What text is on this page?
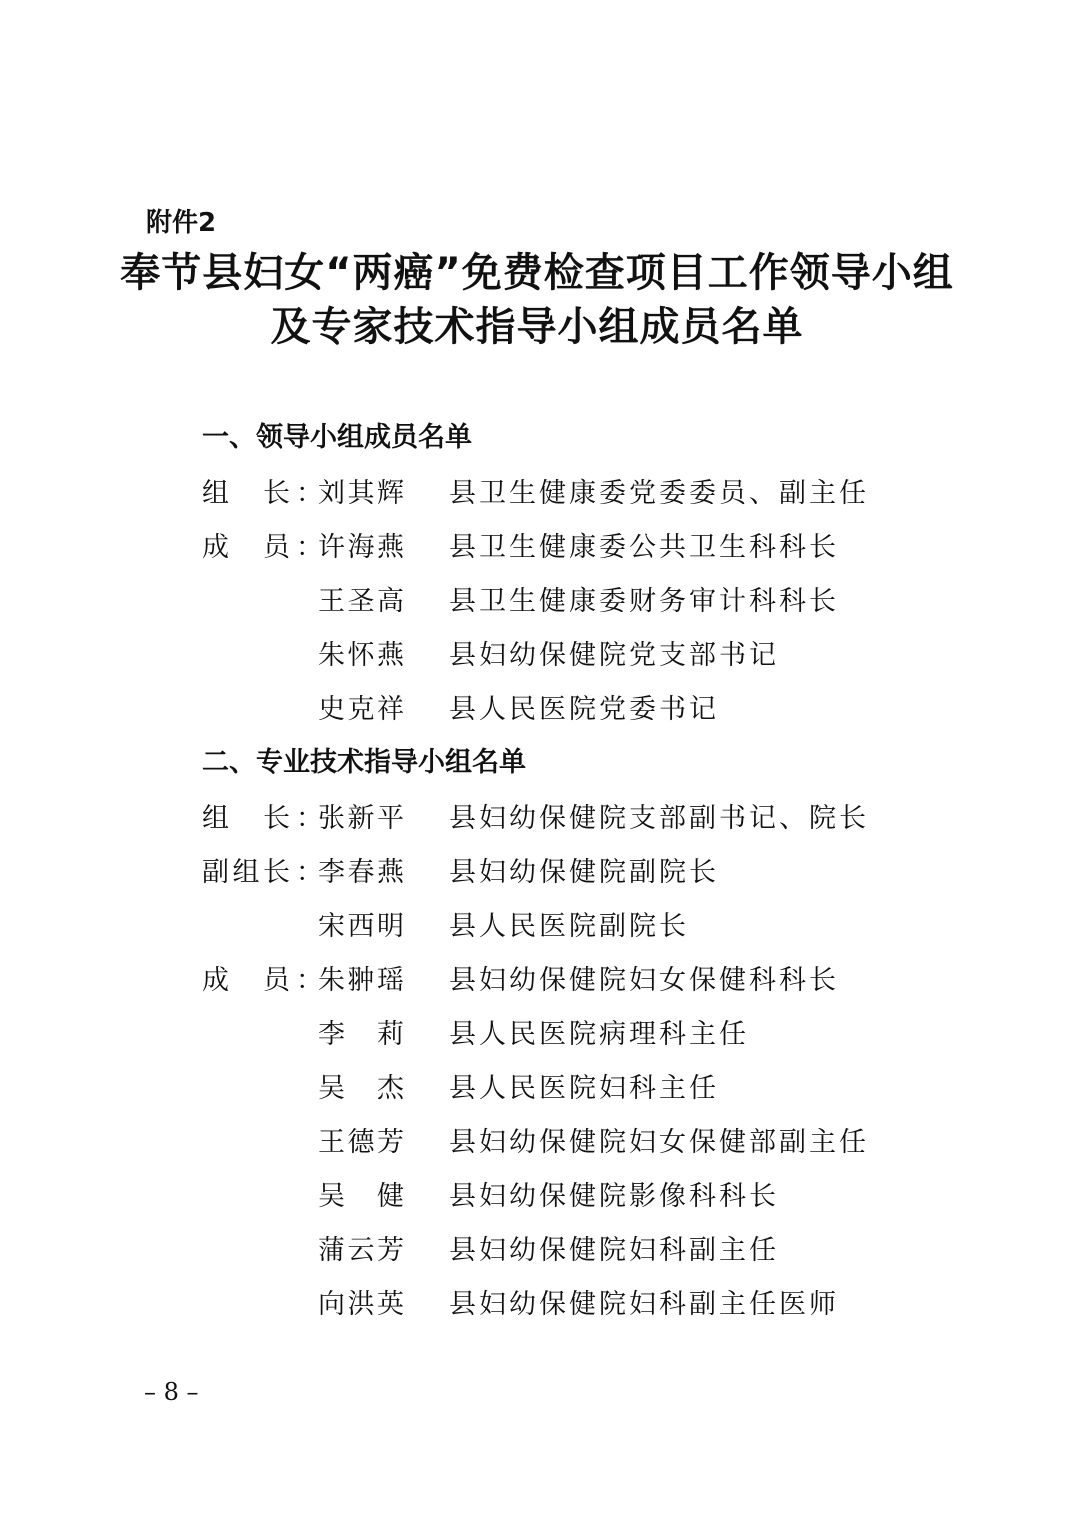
附件2

奉节县妇女“两癌”免费检查项目工作领导小组
及专家技术指导小组成员名单
一、领导小组成员名单
组 长 ：
刘其辉 县卫生健康委党委委员、副主任
成 员 ：
许海燕 县卫生健康委公共卫生科科长
王圣高 县卫生健康委财务审计科科长
朱怀燕 县妇幼保健院党支部书记
史克祥 县人民医院党委书记
二、专业技术指导小组名单
组 长 ：
张新平 县妇幼保健院支部副书记、院长
副 组 长 ：
李春燕 县妇幼保健院副院长
宋西明 县人民医院副院长
成 员 ：
朱翀瑶 县妇幼保健院妇女保健科科长
李莉 县人民医院病理科主任
吴杰 县人民医院妇科主任
王德芳 县妇幼保健院妇女保健部副主任
吴健 县妇幼保健院影像科科长
蒲云芳 县妇幼保健院妇科副主任
向洪英 县妇幼保健院妇科副主任医师

– 8 –
